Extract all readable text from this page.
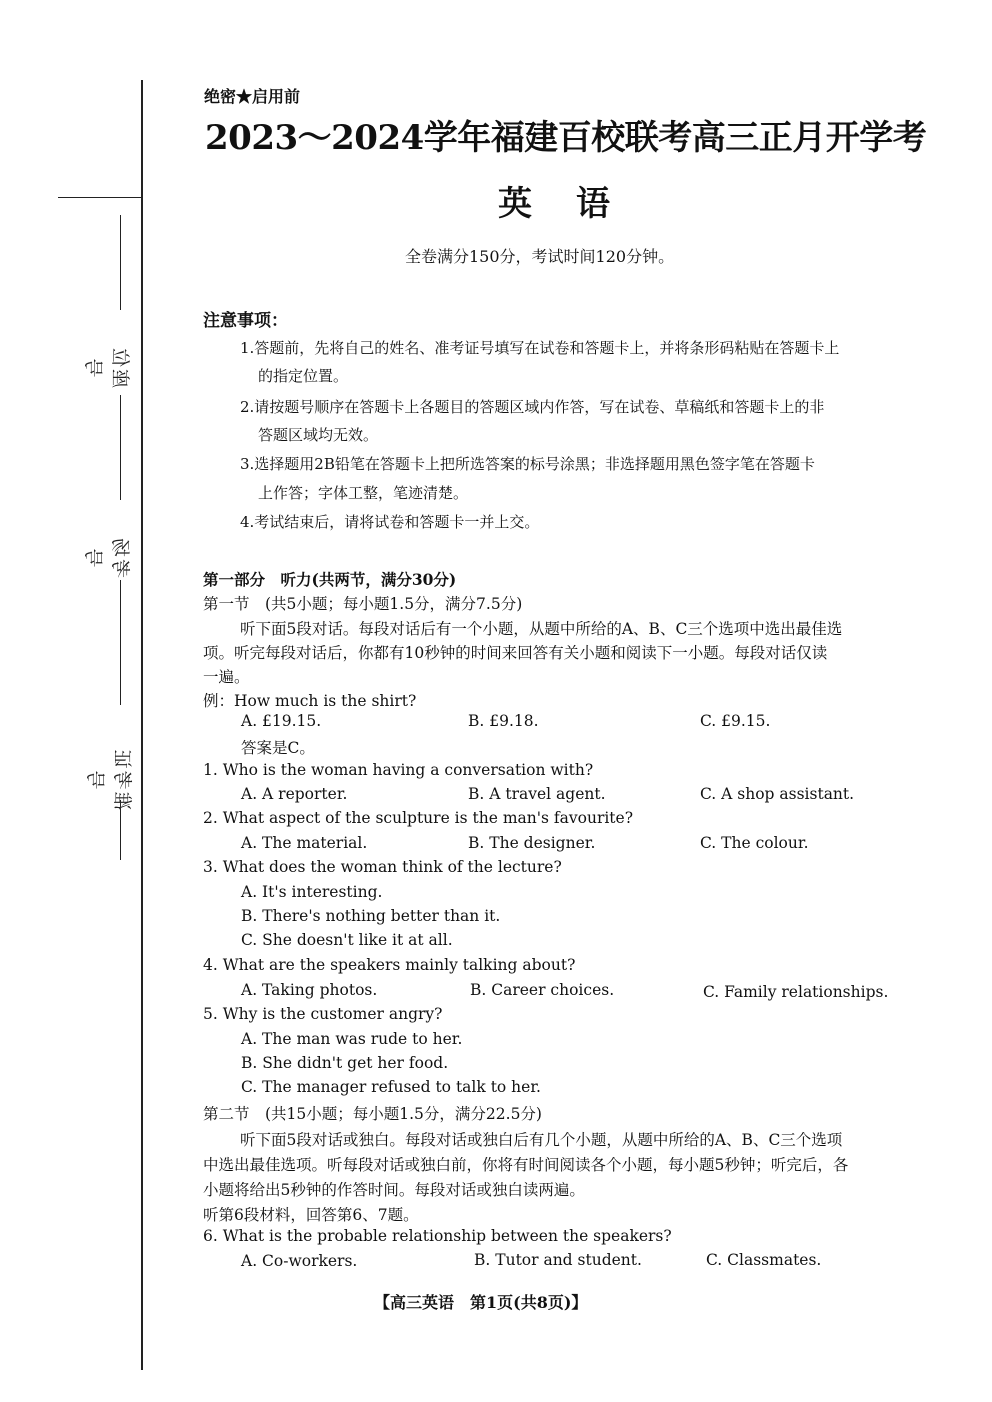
座位号
考场号
准考证号
绝密★启用前
2023～2024学年福建百校联考高三正月开学考
英语
全卷满分150分，考试时间120分钟。
注意事项：
1.答题前，先将自己的姓名、准考证号填写在试卷和答题卡上，并将条形码粘贴在答题卡上
的指定位置。
2.请按题号顺序在答题卡上各题目的答题区域内作答，写在试卷、草稿纸和答题卡上的非
答题区域均无效。
3.选择题用2B铅笔在答题卡上把所选答案的标号涂黑；非选择题用黑色签字笔在答题卡
上作答；字体工整，笔迹清楚。
4.考试结束后，请将试卷和答题卡一并上交。
第一部分　听力(共两节，满分30分)
第一节　(共5小题；每小题1.5分，满分7.5分)
听下面5段对话。每段对话后有一个小题，从题中所给的A、B、C三个选项中选出最佳选
项。听完每段对话后，你都有10秒钟的时间来回答有关小题和阅读下一小题。每段对话仅读
一遍。
例：How much is the shirt?
A. £19.15.	B. £9.18.	C. £9.15.
答案是C。
1. Who is the woman having a conversation with?
A. A reporter.	B. A travel agent.	C. A shop assistant.
2. What aspect of the sculpture is the man's favourite?
A. The material.	B. The designer.	C. The colour.
3. What does the woman think of the lecture?
A. It's interesting.
B. There's nothing better than it.
C. She doesn't like it at all.
4. What are the speakers mainly talking about?
A. Taking photos.	B. Career choices.	C. Family relationships.
5. Why is the customer angry?
A. The man was rude to her.
B. She didn't get her food.
C. The manager refused to talk to her.
第二节　(共15小题；每小题1.5分，满分22.5分)
听下面5段对话或独白。每段对话或独白后有几个小题，从题中所给的A、B、C三个选项
中选出最佳选项。听每段对话或独白前，你将有时间阅读各个小题，每小题5秒钟；听完后，各
小题将给出5秒钟的作答时间。每段对话或独白读两遍。
听第6段材料，回答第6、7题。
6. What is the probable relationship between the speakers?
A. Co-workers.	B. Tutor and student.	C. Classmates.
【高三英语　第1页(共8页)】
